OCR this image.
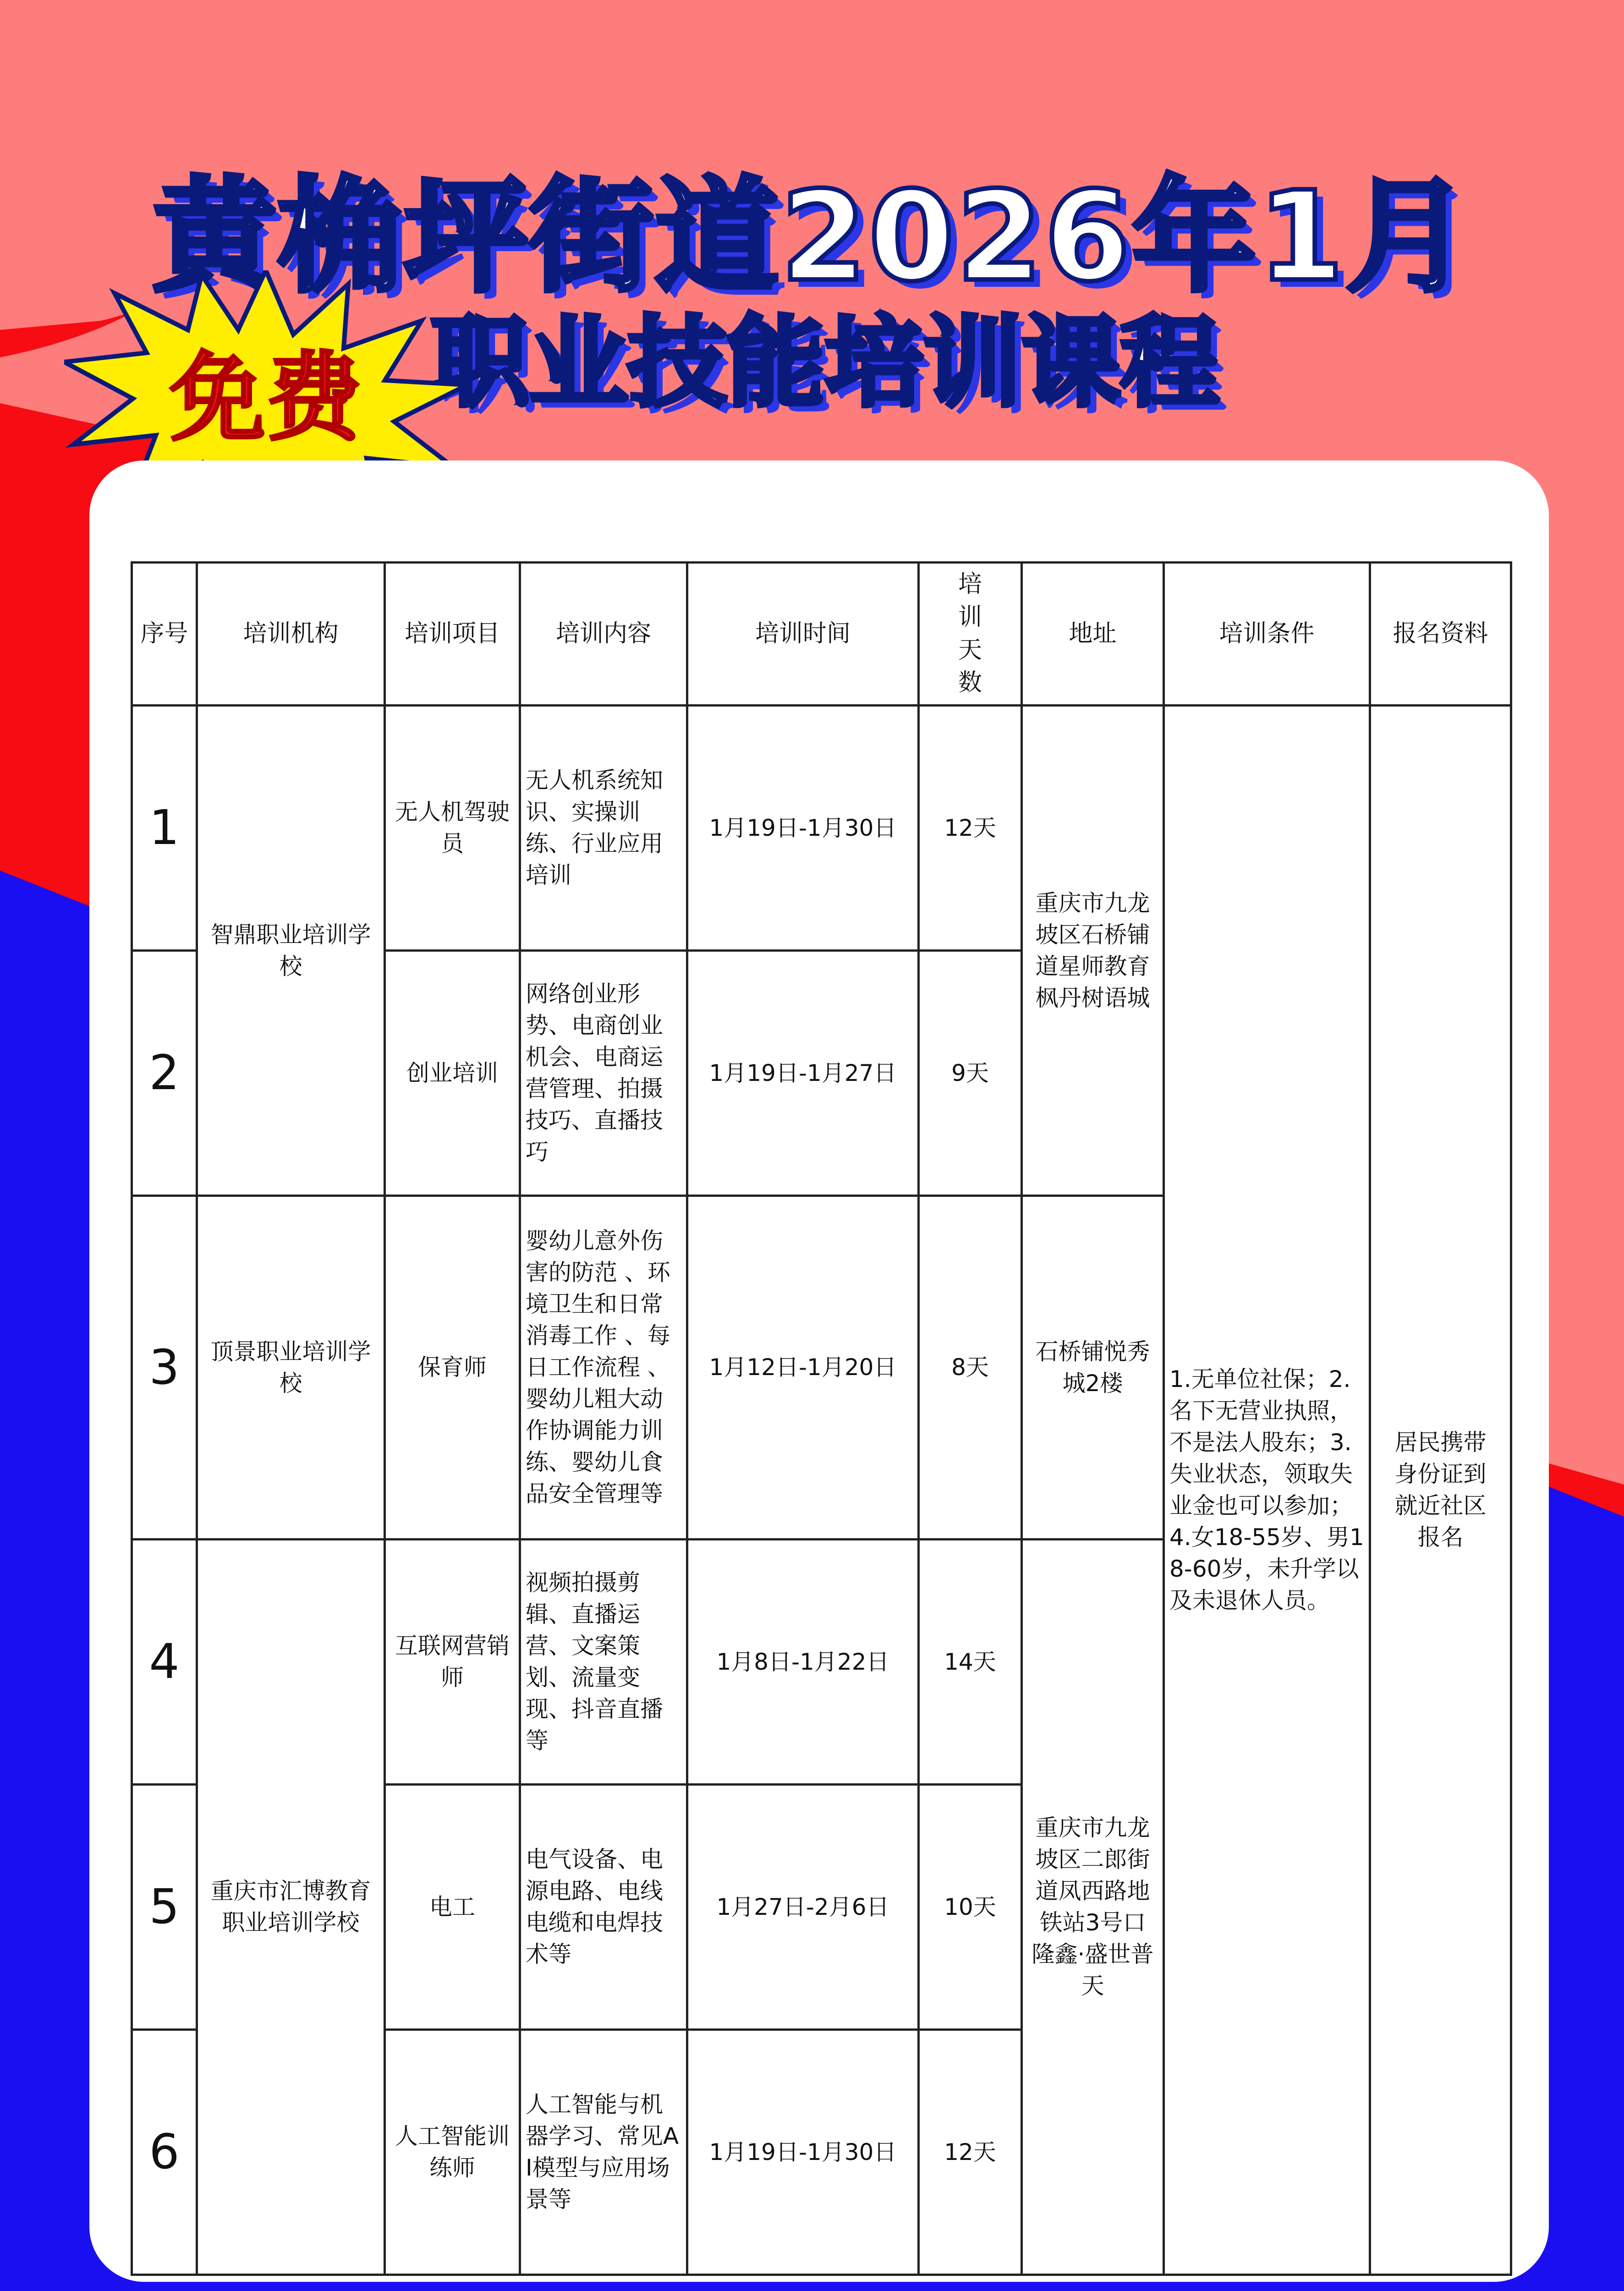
黄桷坪街道2026年1月
职业技能培训课程
免费
序号	培训机构	培训项目	培训内容	培训时间	培训天数	地址	培训条件	报名资料
1	智鼎职业培训学校	无人机驾驶员	无人机系统知识、实操训练、行业应用培训	1月19日-1月30日	12天	重庆市九龙坡区石桥铺道星师教育枫丹树语城	1.无单位社保；2.名下无营业执照，不是法人股东；3.失业状态，领取失业金也可以参加；4.女18-55岁、男18-60岁，未升学以及未退休人员。	居民携带身份证到就近社区报名
2		创业培训	网络创业形势、电商创业机会、电商运营管理、拍摄技巧、直播技巧	1月19日-1月27日	9天			
3	顶景职业培训学校	保育师	婴幼儿意外伤害的防范 、环境卫生和日常消毒工作 、每日工作流程 、婴幼儿粗大动作协调能力训练、婴幼儿食品安全管理等	1月12日-1月20日	8天	石桥铺悦秀城2楼		
4	重庆市汇博教育职业培训学校	互联网营销师	视频拍摄剪辑、直播运营、文案策划、流量变现、抖音直播等	1月8日-1月22日	14天	重庆市九龙坡区二郎街道凤西路地铁站3号口隆鑫·盛世普天		
5		电工	电气设备、电源电路、电线电缆和电焊技术等	1月27日-2月6日	10天			
6		人工智能训练师	人工智能与机器学习、常见AI模型与应用场景等	1月19日-1月30日	12天			
